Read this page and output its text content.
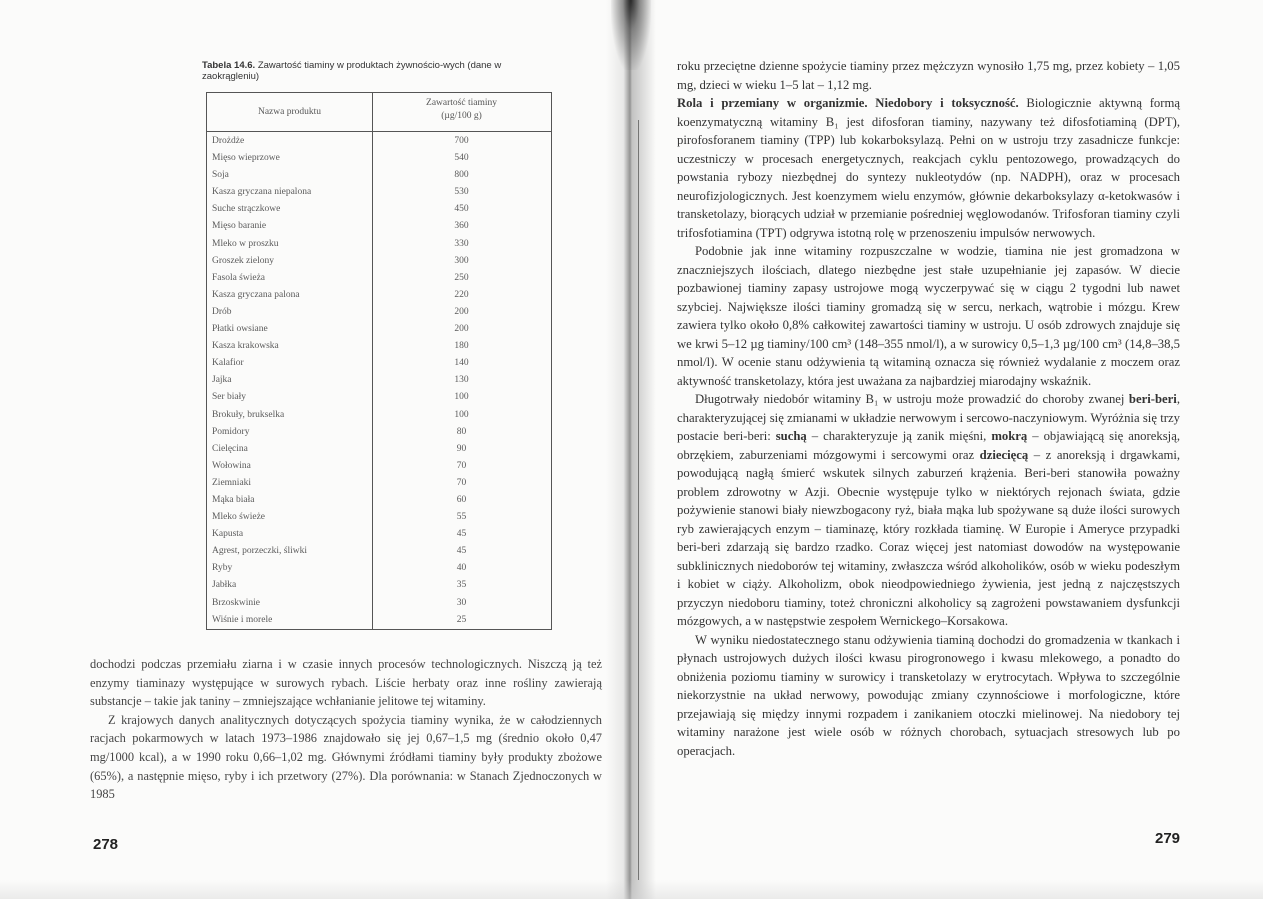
Tabela 14.6. Zawartość tiaminy w produktach żywnościo-wych (dane w zaokrągleniu)
Nazwa produktu
Zawartość tiaminy
(µg/100 g)
Drożdże	700
Mięso wieprzowe	540
Soja	800
Kasza gryczana niepalona	530
Suche strączkowe	450
Mięso baranie	360
Mleko w proszku	330
Groszek zielony	300
Fasola świeża	250
Kasza gryczana palona	220
Drób	200
Płatki owsiane	200
Kasza krakowska	180
Kalafior	140
Jajka	130
Ser biały	100
Brokuły, brukselka	100
Pomidory	80
Cielęcina	90
Wołowina	70
Ziemniaki	70
Mąka biała	60
Mleko świeże	55
Kapusta	45
Agrest, porzeczki, śliwki	45
Ryby	40
Jabłka	35
Brzoskwinie	30
Wiśnie i morele	25

dochodzi podczas przemiału ziarna i w czasie innych procesów technologicznych. Niszczą ją też enzymy tiaminazy występujące w surowych rybach. Liście herbaty oraz inne rośliny zawierają substancje – takie jak taniny – zmniejszające wchłanianie jelitowe tej witaminy.

Z krajowych danych analitycznych dotyczących spożycia tiaminy wynika, że w całodziennych racjach pokarmowych w latach 1973–1986 znajdowało się jej 0,67–1,5 mg (średnio około 0,47 mg/1000 kcal), a w 1990 roku 0,66–1,02 mg. Głównymi źródłami tiaminy były produkty zbożowe (65%), a następnie mięso, ryby i ich przetwory (27%). Dla porównania: w Stanach Zjednoczonych w 1985

278

roku przeciętne dzienne spożycie tiaminy przez mężczyzn wynosiło 1,75 mg, przez kobiety – 1,05 mg, dzieci w wieku 1–5 lat – 1,12 mg.

Rola i przemiany w organizmie. Niedobory i toksyczność. Biologicznie aktywną formą koenzymatyczną witaminy B₁ jest difosforan tiaminy, nazywany też difosfotiaminą (DPT), pirofosforanem tiaminy (TPP) lub kokarboksylazą. Pełni on w ustroju trzy zasadnicze funkcje: uczestniczy w procesach energetycznych, reakcjach cyklu pentozowego, prowadzących do powstania rybozy niezbędnej do syntezy nukleotydów (np. NADPH), oraz w procesach neurofizjologicznych. Jest koenzymem wielu enzymów, głównie dekarboksylazy α-ketokwasów i transketolazy, biorących udział w przemianie pośredniej węglowodanów. Trifosforan tiaminy czyli trifosfotiamina (TPT) odgrywa istotną rolę w przenoszeniu impulsów nerwowych.

Podobnie jak inne witaminy rozpuszczalne w wodzie, tiamina nie jest gromadzona w znaczniejszych ilościach, dlatego niezbędne jest stałe uzupełnianie jej zapasów. W diecie pozbawionej tiaminy zapasy ustrojowe mogą wyczerpywać się w ciągu 2 tygodni lub nawet szybciej. Największe ilości tiaminy gromadzą się w sercu, nerkach, wątrobie i mózgu. Krew zawiera tylko około 0,8% całkowitej zawartości tiaminy w ustroju. U osób zdrowych znajduje się we krwi 5–12 µg tiaminy/100 cm³ (148–355 nmol/l), a w surowicy 0,5–1,3 µg/100 cm³ (14,8–38,5 nmol/l). W ocenie stanu odżywienia tą witaminą oznacza się również wydalanie z moczem oraz aktywność transketolazy, która jest uważana za najbardziej miarodajny wskaźnik.

Długotrwały niedobór witaminy B₁ w ustroju może prowadzić do choroby zwanej beri-beri, charakteryzującej się zmianami w układzie nerwowym i sercowo-naczyniowym. Wyróżnia się trzy postacie beri-beri: suchą – charakteryzuje ją zanik mięśni, mokrą – objawiającą się anoreksją, obrzękiem, zaburzeniami mózgowymi i sercowymi oraz dziecięcą – z anoreksją i drgawkami, powodującą nagłą śmierć wskutek silnych zaburzeń krążenia. Beri-beri stanowiła poważny problem zdrowotny w Azji. Obecnie występuje tylko w niektórych rejonach świata, gdzie pożywienie stanowi biały niewzbogacony ryż, biała mąka lub spożywane są duże ilości surowych ryb zawierających enzym – tiaminazę, który rozkłada tiaminę. W Europie i Ameryce przypadki beri-beri zdarzają się bardzo rzadko. Coraz więcej jest natomiast dowodów na występowanie subklinicznych niedoborów tej witaminy, zwłaszcza wśród alkoholików, osób w wieku podeszłym i kobiet w ciąży. Alkoholizm, obok nieodpowiedniego żywienia, jest jedną z najczęstszych przyczyn niedoboru tiaminy, toteż chroniczni alkoholicy są zagrożeni powstawaniem dysfunkcji mózgowych, a w następstwie zespołem Wernickego–Korsakowa.

W wyniku niedostatecznego stanu odżywienia tiaminą dochodzi do gromadzenia w tkankach i płynach ustrojowych dużych ilości kwasu pirogronowego i kwasu mlekowego, a ponadto do obniżenia poziomu tiaminy w surowicy i transketolazy w erytrocytach. Wpływa to szczególnie niekorzystnie na układ nerwowy, powodując zmiany czynnościowe i morfologiczne, które przejawiają się między innymi rozpadem i zanikaniem otoczki mielinowej. Na niedobory tej witaminy narażone jest wiele osób w różnych chorobach, sytuacjach stresowych lub po operacjach.

279
